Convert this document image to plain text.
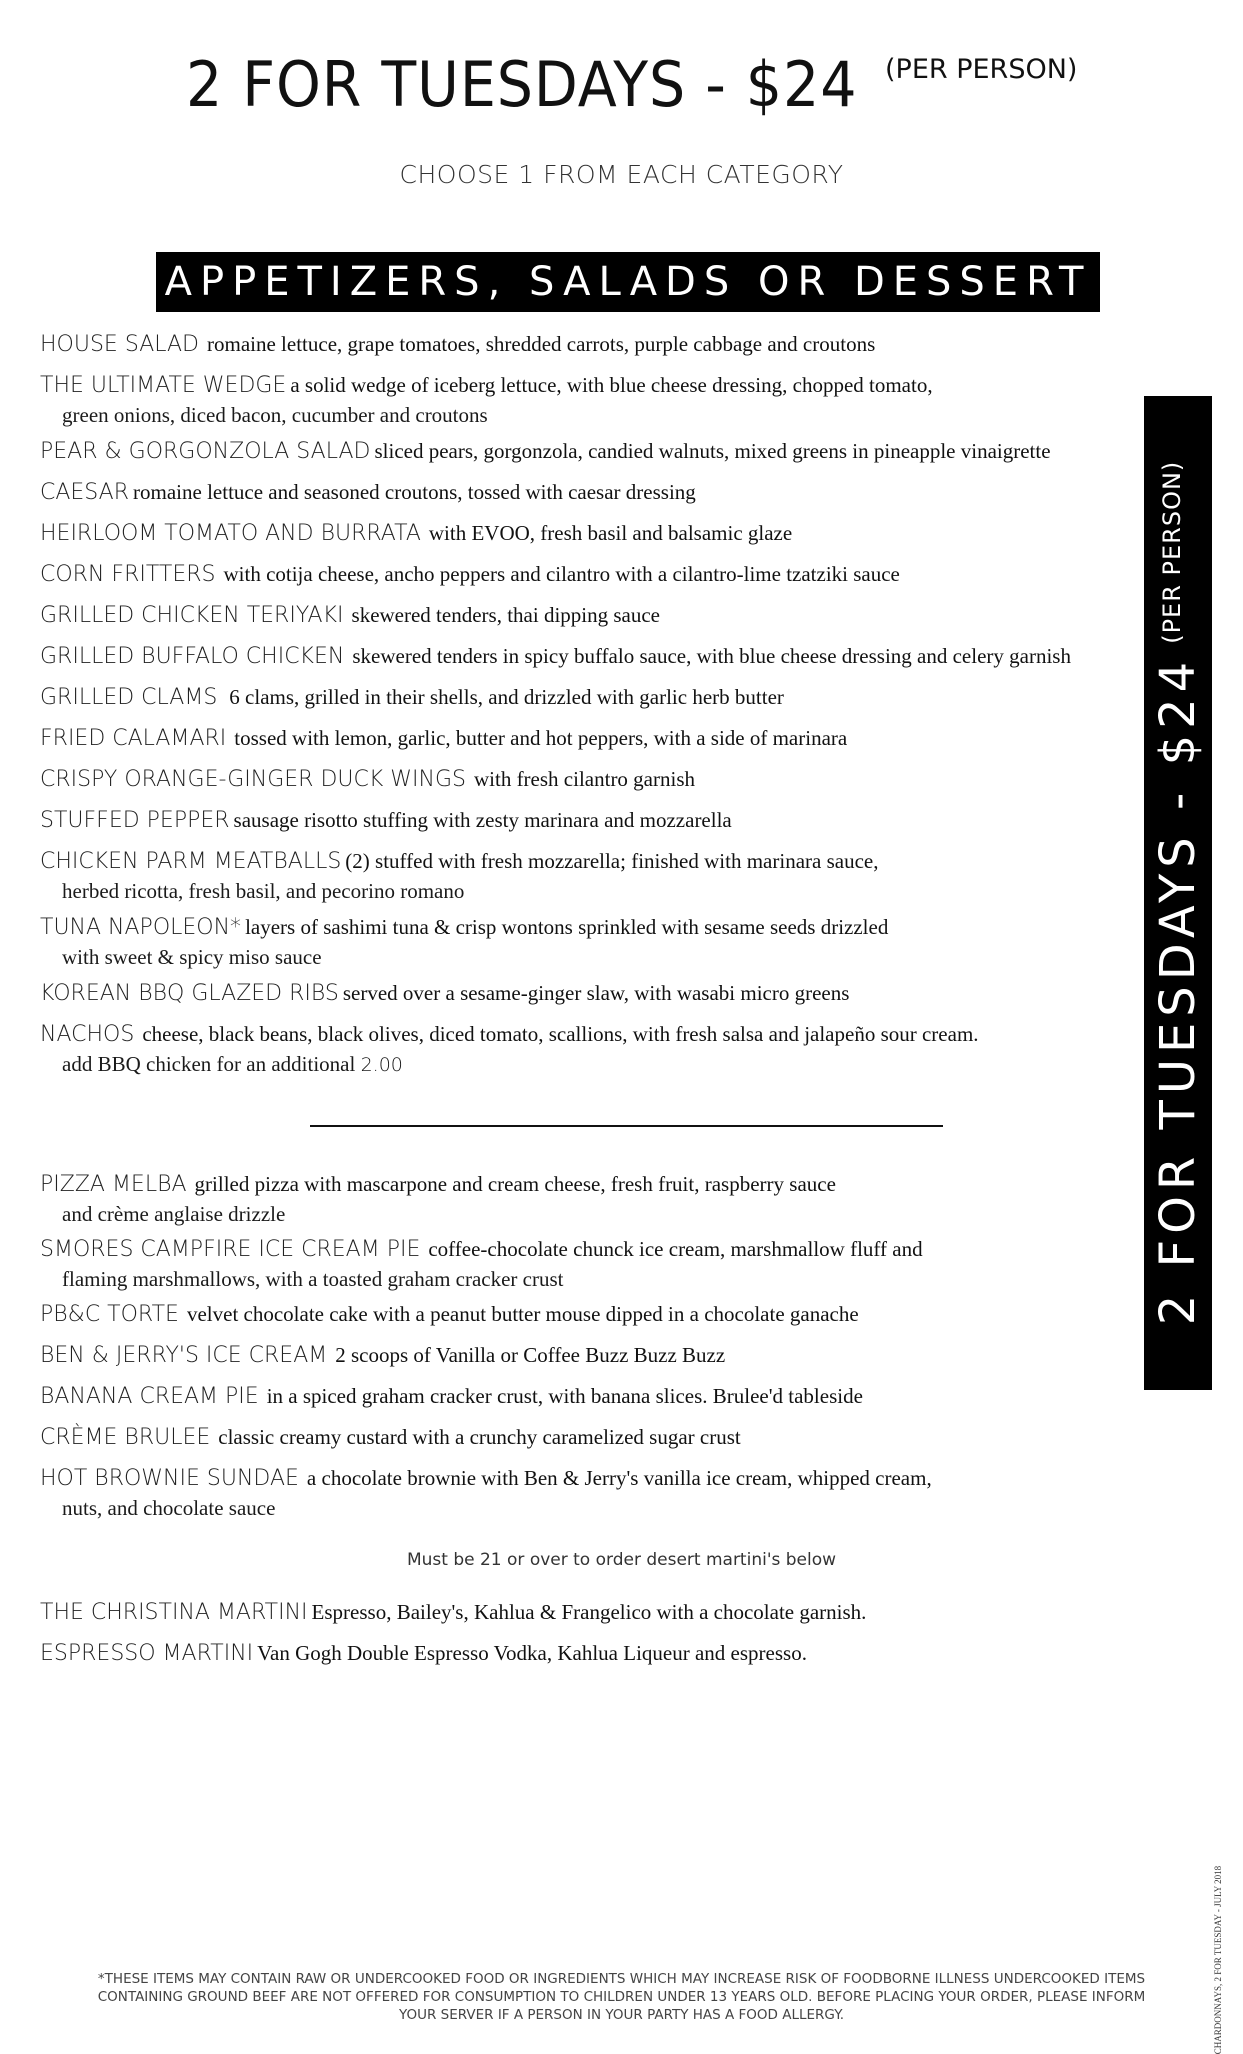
2 FOR TUESDAYS - $24 (PER PERSON)
CHOOSE 1 FROM EACH CATEGORY
APPETIZERS, SALADS OR DESSERT
2 FOR TUESDAYS - $24(PER PERSON)
HOUSE SALAD romaine lettuce, grape tomatoes, shredded carrots, purple cabbage and croutons
THE ULTIMATE WEDGE a solid wedge of iceberg lettuce, with blue cheese dressing, chopped tomato,
green onions, diced bacon, cucumber and croutons
PEAR & GORGONZOLA SALAD sliced pears, gorgonzola, candied walnuts, mixed greens in pineapple vinaigrette
CAESAR romaine lettuce and seasoned croutons, tossed with caesar dressing
HEIRLOOM TOMATO AND BURRATA with EVOO, fresh basil and balsamic glaze
CORN FRITTERS with cotija cheese, ancho peppers and cilantro with a cilantro-lime tzatziki sauce
GRILLED CHICKEN TERIYAKI skewered tenders, thai dipping sauce
GRILLED BUFFALO CHICKEN skewered tenders in spicy buffalo sauce, with blue cheese dressing and celery garnish
GRILLED CLAMS 6 clams, grilled in their shells, and drizzled with garlic herb butter
FRIED CALAMARI tossed with lemon, garlic, butter and hot peppers, with a side of marinara
CRISPY ORANGE-GINGER DUCK WINGS with fresh cilantro garnish
STUFFED PEPPER sausage risotto stuffing with zesty marinara and mozzarella
CHICKEN PARM MEATBALLS (2) stuffed with fresh mozzarella; finished with marinara sauce,
herbed ricotta, fresh basil, and pecorino romano
TUNA NAPOLEON* layers of sashimi tuna & crisp wontons sprinkled with sesame seeds drizzled
with sweet & spicy miso sauce
KOREAN BBQ GLAZED RIBS served over a sesame-ginger slaw, with wasabi micro greens
NACHOS cheese, black beans, black olives, diced tomato, scallions, with fresh salsa and jalapeño sour cream.
add BBQ chicken for an additional 2.00
PIZZA MELBA grilled pizza with mascarpone and cream cheese, fresh fruit, raspberry sauce
and crème anglaise drizzle
SMORES CAMPFIRE ICE CREAM PIE coffee-chocolate chunck ice cream, marshmallow fluff and
flaming marshmallows, with a toasted graham cracker crust
PB&C TORTE velvet chocolate cake with a peanut butter mouse dipped in a chocolate ganache
BEN & JERRY'S ICE CREAM 2 scoops of Vanilla or Coffee Buzz Buzz Buzz
BANANA CREAM PIE in a spiced graham cracker crust, with banana slices. Brulee'd tableside
CRÈME BRULEE classic creamy custard with a crunchy caramelized sugar crust
HOT BROWNIE SUNDAE a chocolate brownie with Ben & Jerry's vanilla ice cream, whipped cream,
nuts, and chocolate sauce
Must be 21 or over to order desert martini's below
THE CHRISTINA MARTINI Espresso, Bailey's, Kahlua & Frangelico with a chocolate garnish.
ESPRESSO MARTINI Van Gogh Double Espresso Vodka, Kahlua Liqueur and espresso.
CHARDONNAYS, 2 FOR TUESDAY - JULY 2018
*THESE ITEMS MAY CONTAIN RAW OR UNDERCOOKED FOOD OR INGREDIENTS WHICH MAY INCREASE RISK OF FOODBORNE ILLNESS UNDERCOOKED ITEMS
CONTAINING GROUND BEEF ARE NOT OFFERED FOR CONSUMPTION TO CHILDREN UNDER 13 YEARS OLD. BEFORE PLACING YOUR ORDER, PLEASE INFORM
YOUR SERVER IF A PERSON IN YOUR PARTY HAS A FOOD ALLERGY.
